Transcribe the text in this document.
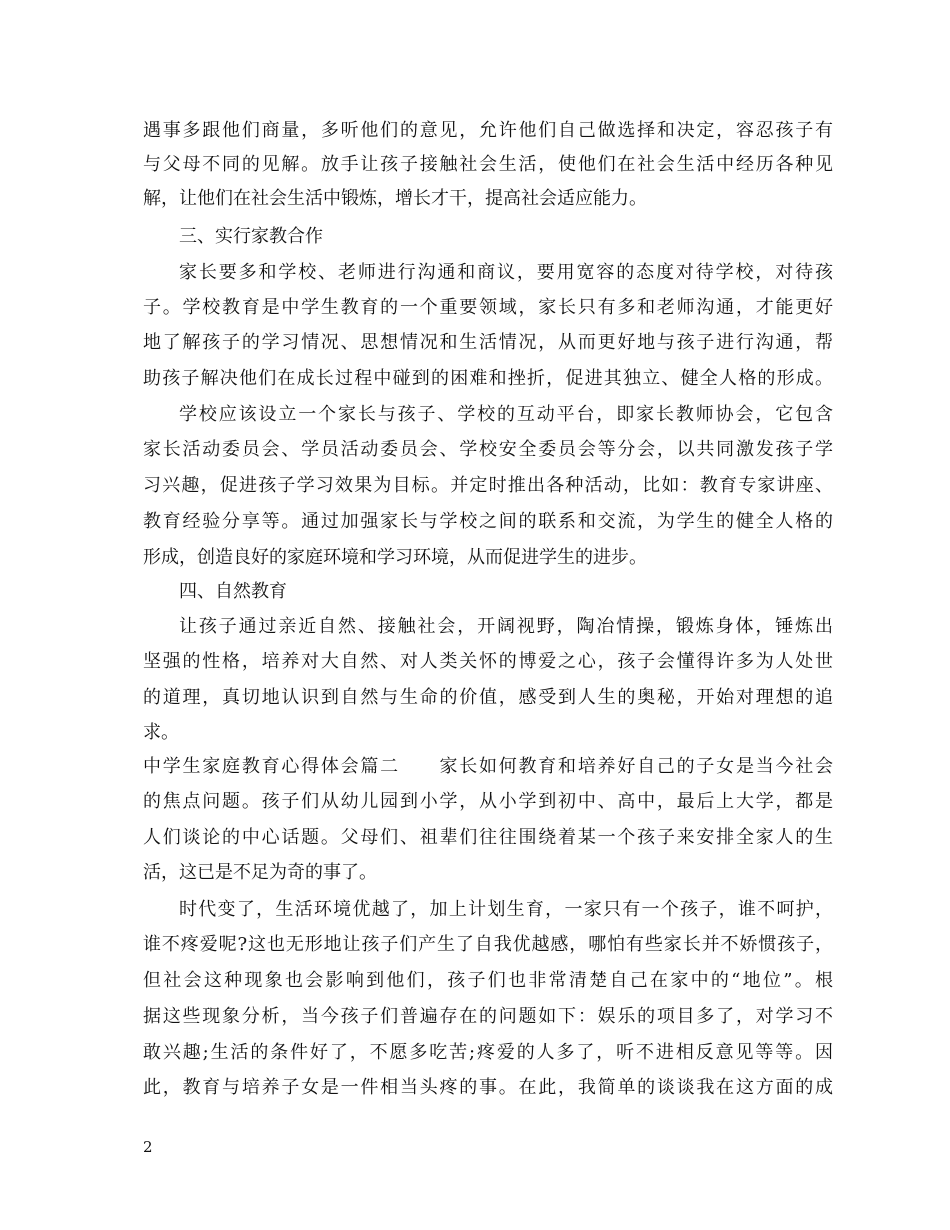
遇事多跟他们商量，多听他们的意见，允许他们自己做选择和决定，容忍孩子有
与父母不同的见解。放手让孩子接触社会生活，使他们在社会生活中经历各种见
解，让他们在社会生活中锻炼，增长才干，提高社会适应能力。
三、实行家教合作
家长要多和学校、老师进行沟通和商议，要用宽容的态度对待学校，对待孩
子。学校教育是中学生教育的一个重要领域，家长只有多和老师沟通，才能更好
地了解孩子的学习情况、思想情况和生活情况，从而更好地与孩子进行沟通，帮
助孩子解决他们在成长过程中碰到的困难和挫折，促进其独立、健全人格的形成。
学校应该设立一个家长与孩子、学校的互动平台，即家长教师协会，它包含
家长活动委员会、学员活动委员会、学校安全委员会等分会，以共同激发孩子学
习兴趣，促进孩子学习效果为目标。并定时推出各种活动，比如：教育专家讲座、
教育经验分享等。通过加强家长与学校之间的联系和交流，为学生的健全人格的
形成，创造良好的家庭环境和学习环境，从而促进学生的进步。
四、自然教育
让孩子通过亲近自然、接触社会，开阔视野，陶冶情操，锻炼身体，锤炼出
坚强的性格，培养对大自然、对人类关怀的博爱之心，孩子会懂得许多为人处世
的道理，真切地认识到自然与生命的价值，感受到人生的奥秘，开始对理想的追
求。
中学生家庭教育心得体会篇二　　家长如何教育和培养好自己的子女是当今社会
的焦点问题。孩子们从幼儿园到小学，从小学到初中、高中，最后上大学，都是
人们谈论的中心话题。父母们、祖辈们往往围绕着某一个孩子来安排全家人的生
活，这已是不足为奇的事了。
时代变了，生活环境优越了，加上计划生育，一家只有一个孩子，谁不呵护，
谁不疼爱呢?这也无形地让孩子们产生了自我优越感，哪怕有些家长并不娇惯孩子，
但社会这种现象也会影响到他们，孩子们也非常清楚自己在家中的“地位”。根
据这些现象分析，当今孩子们普遍存在的问题如下：娱乐的项目多了，对学习不
敢兴趣;生活的条件好了，不愿多吃苦;疼爱的人多了，听不进相反意见等等。因
此，教育与培养子女是一件相当头疼的事。在此，我简单的谈谈我在这方面的成
2
